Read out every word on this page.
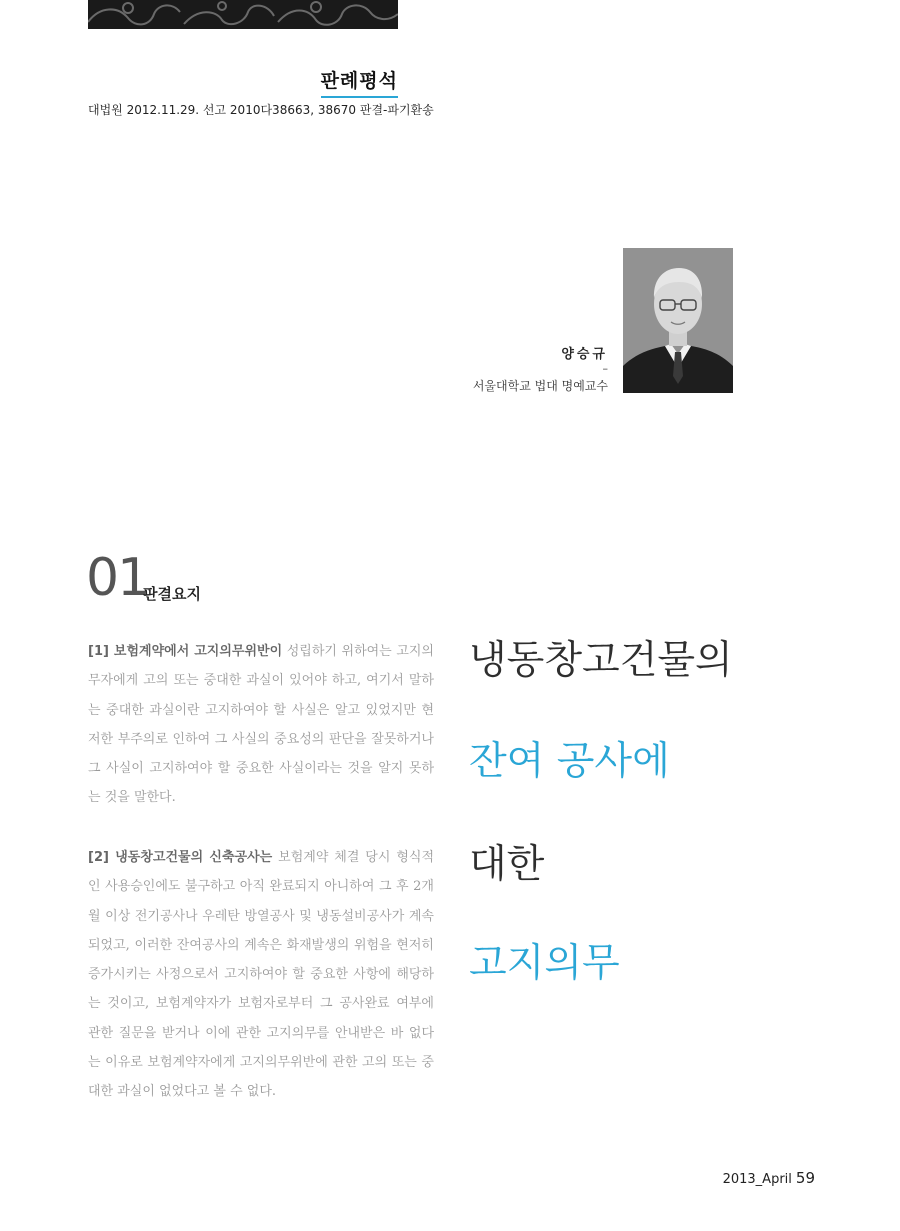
판례평석
대법원 2012.11.29. 선고 2010다38663, 38670 판결-파기환송
양승규
–
서울대학교 법대 명예교수
01
판결요지

[1] 보험계약에서 고지의무위반이 성립하기 위하여는 고지의무자에게 고의 또는 중대한 과실이 있어야 하고, 여기서 말하는 중대한 과실이란 고지하여야 할 사실은 알고 있었지만 현저한 부주의로 인하여 그 사실의 중요성의 판단을 잘못하거나 그 사실이 고지하여야 할 중요한 사실이라는 것을 알지 못하는 것을 말한다.

[2] 냉동창고건물의 신축공사는 보험계약 체결 당시 형식적인 사용승인에도 불구하고 아직 완료되지 아니하여 그 후 2개월 이상 전기공사나 우레탄 방열공사 및 냉동설비공사가 계속되었고, 이러한 잔여공사의 계속은 화재발생의 위험을 현저히 증가시키는 사정으로서 고지하여야 할 중요한 사항에 해당하는 것이고, 보험계약자가 보험자로부터 그 공사완료 여부에 관한 질문을 받거나 이에 관한 고지의무를 안내받은 바 없다는 이유로 보험계약자에게 고지의무위반에 관한 고의 또는 중대한 과실이 없었다고 볼 수 없다.

냉동창고건물의
잔여 공사에
대한
고지의무
2013_April 59
